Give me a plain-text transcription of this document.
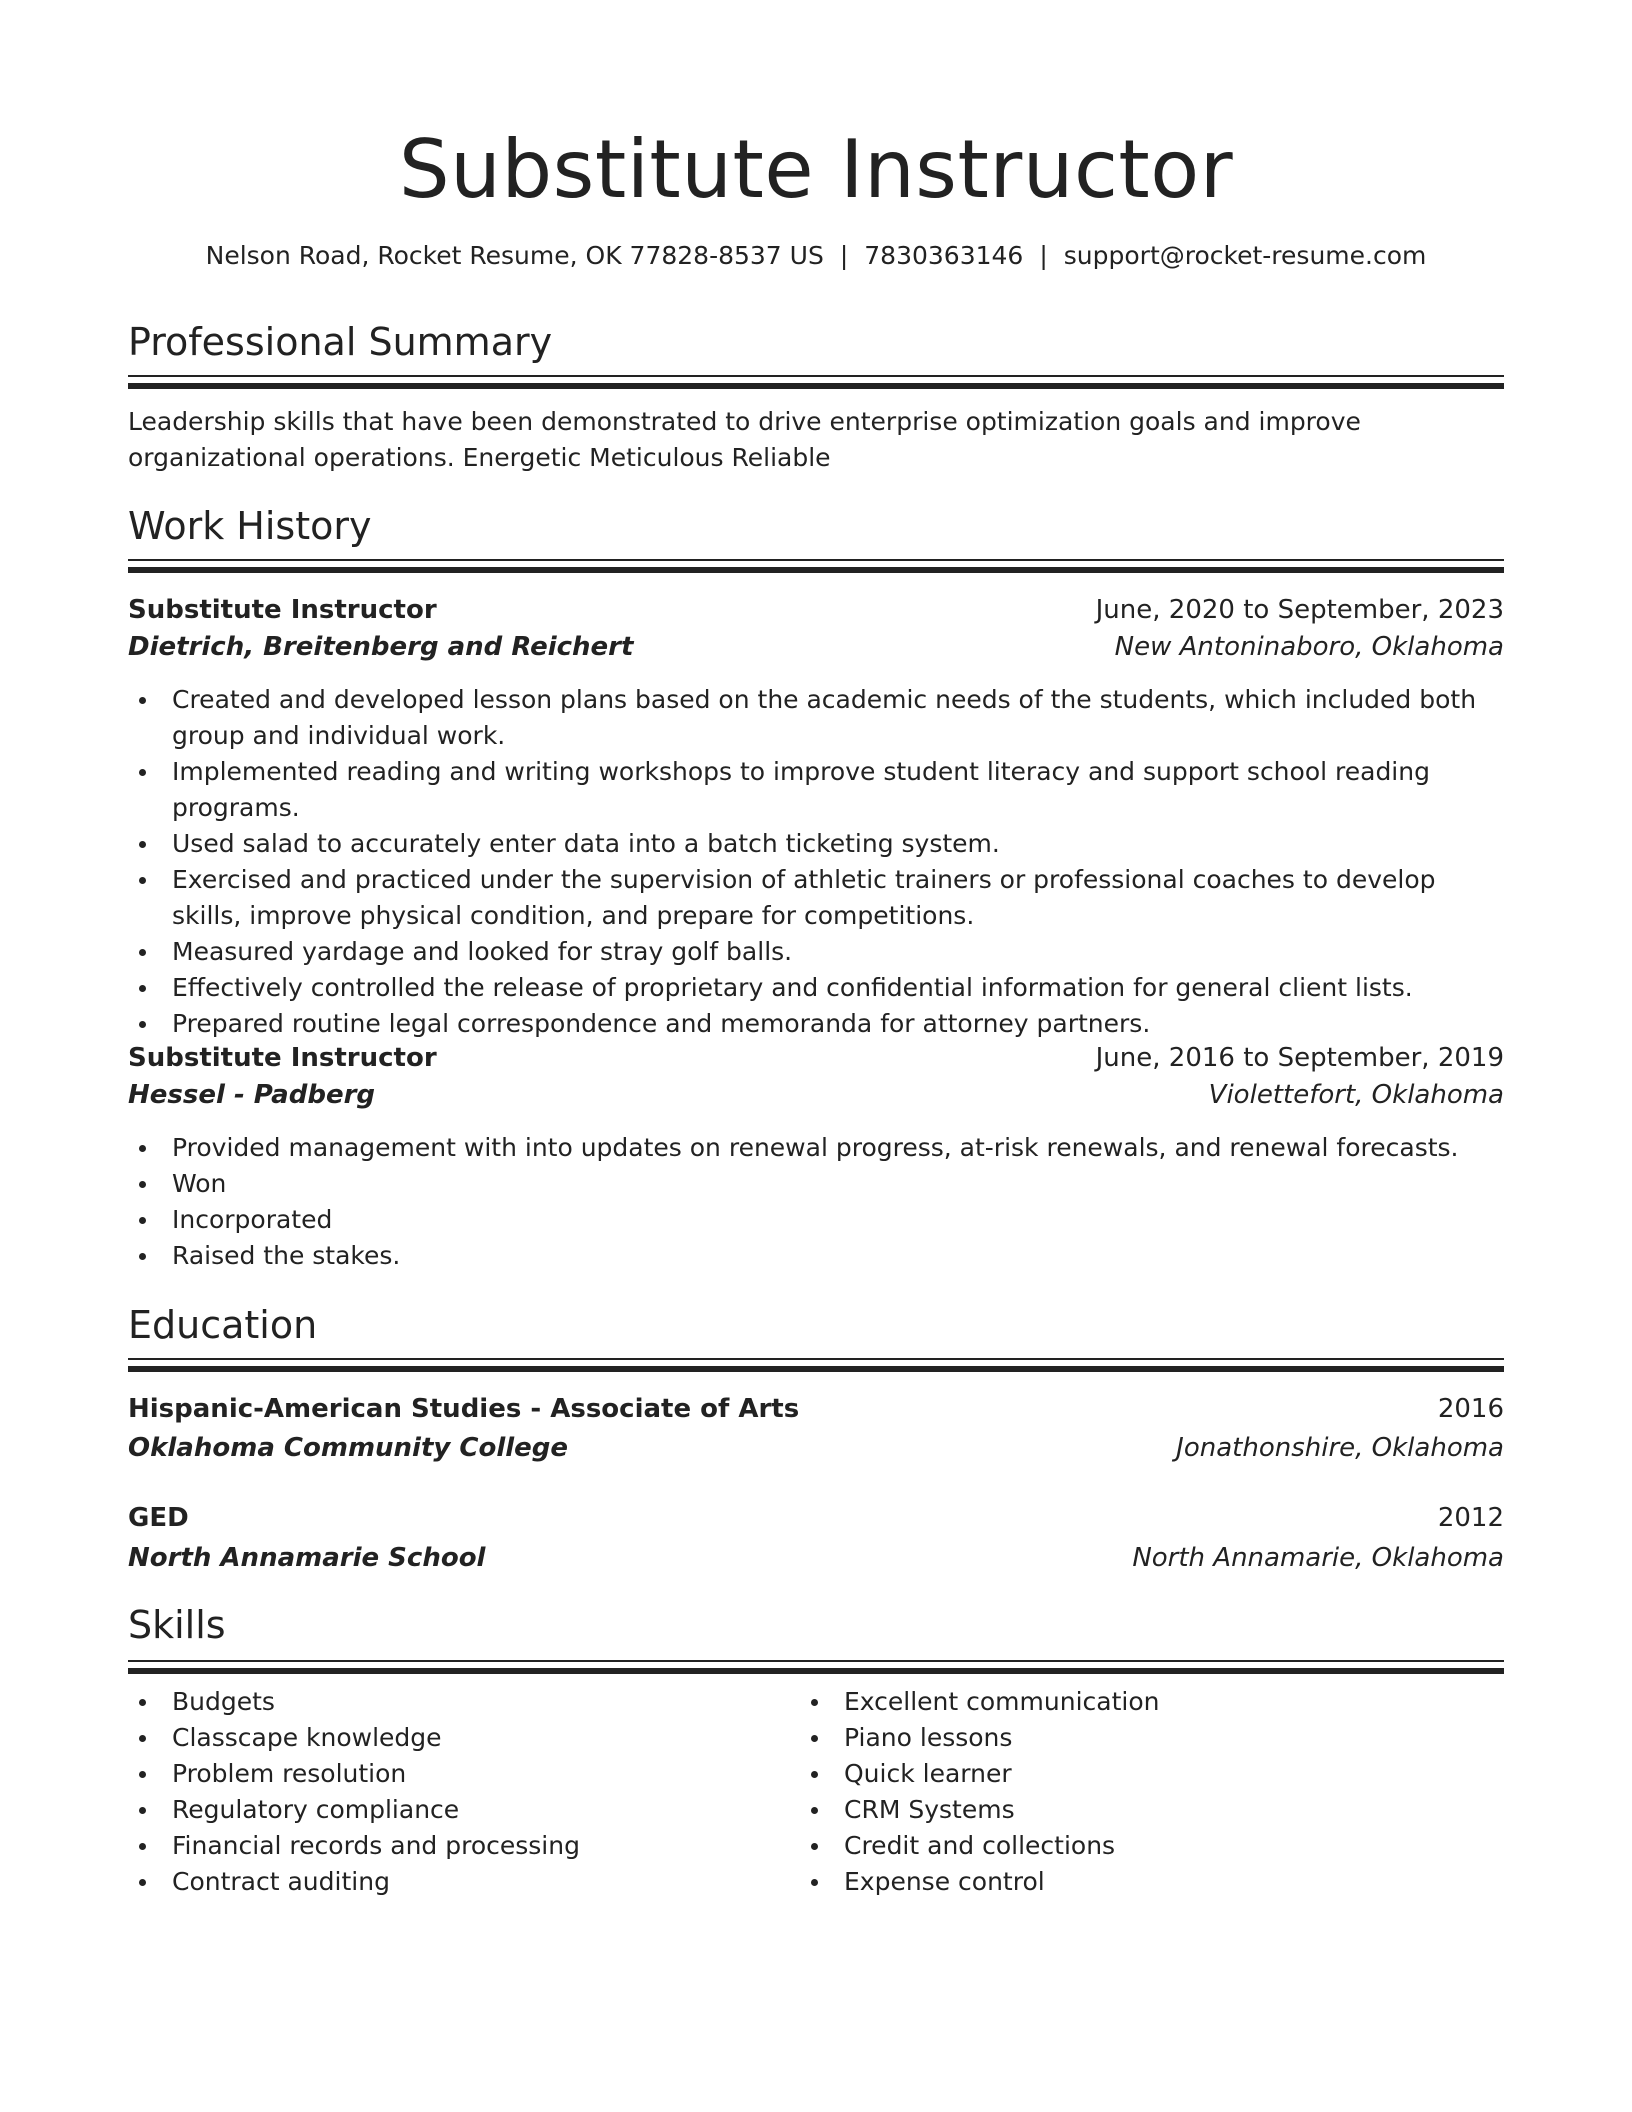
Substitute Instructor
Nelson Road, Rocket Resume, OK 77828-8537 US | 7830363146 | support@rocket-resume.com
Professional Summary
Leadership skills that have been demonstrated to drive enterprise optimization goals and improve organizational operations. Energetic Meticulous Reliable
Work History
Substitute Instructor	June, 2020 to September, 2023
Dietrich, Breitenberg and Reichert	New Antoninaboro, Oklahoma
Created and developed lesson plans based on the academic needs of the students, which included both group and individual work.
Implemented reading and writing workshops to improve student literacy and support school reading programs.
Used salad to accurately enter data into a batch ticketing system.
Exercised and practiced under the supervision of athletic trainers or professional coaches to develop skills, improve physical condition, and prepare for competitions.
Measured yardage and looked for stray golf balls.
Effectively controlled the release of proprietary and confidential information for general client lists.
Prepared routine legal correspondence and memoranda for attorney partners.
Substitute Instructor	June, 2016 to September, 2019
Hessel - Padberg	Violettefort, Oklahoma
Provided management with into updates on renewal progress, at-risk renewals, and renewal forecasts.
Won
Incorporated
Raised the stakes.
Education
Hispanic-American Studies - Associate of Arts	2016
Oklahoma Community College	Jonathonshire, Oklahoma
GED	2012
North Annamarie School	North Annamarie, Oklahoma
Skills
Budgets
Classcape knowledge
Problem resolution
Regulatory compliance
Financial records and processing
Contract auditing
Excellent communication
Piano lessons
Quick learner
CRM Systems
Credit and collections
Expense control
